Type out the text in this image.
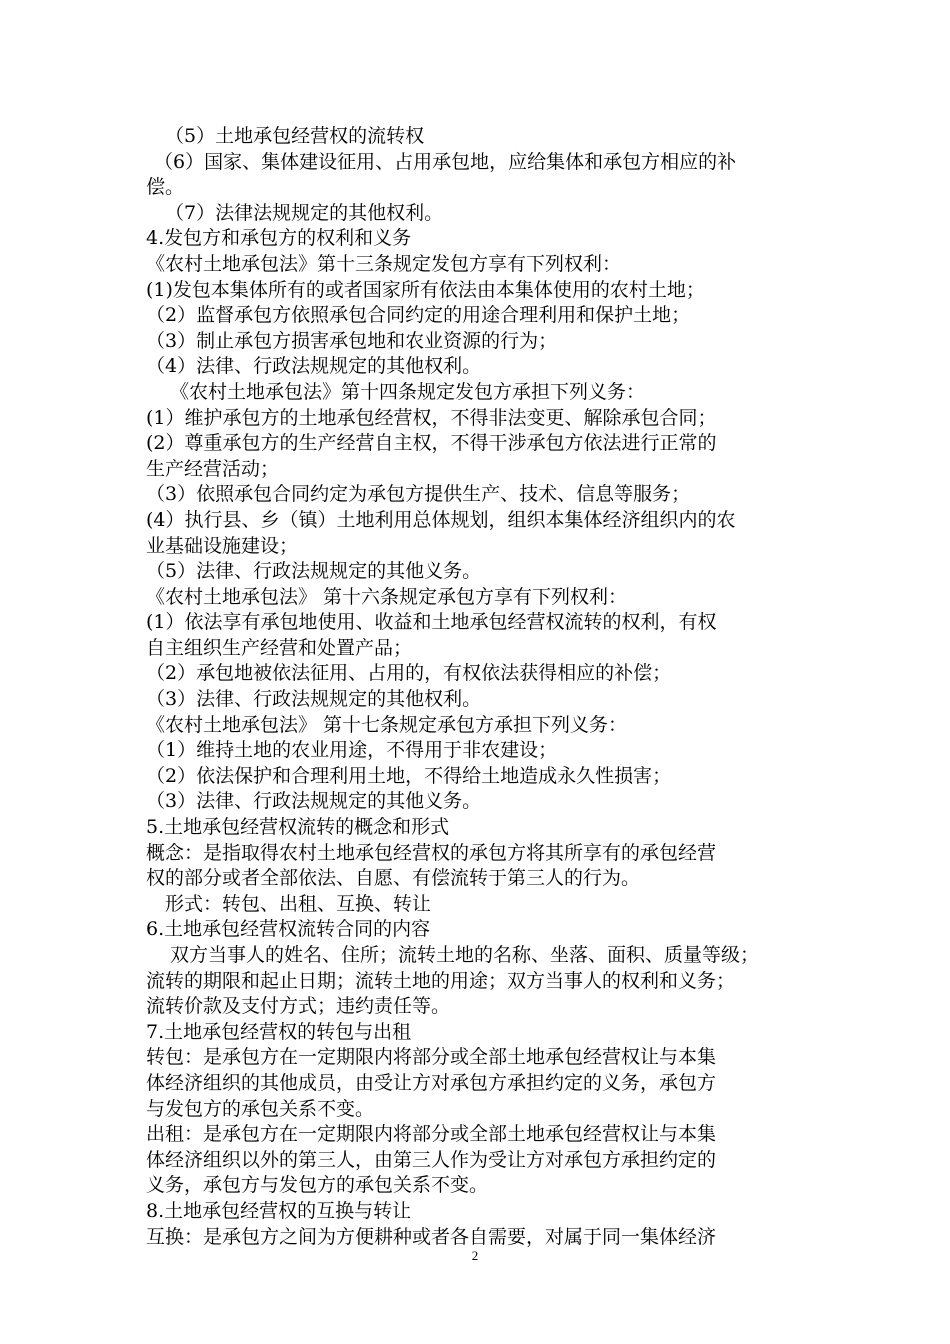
（5）土地承包经营权的流转权
（6）国家、集体建设征用、占用承包地，应给集体和承包方相应的补
偿。
（7）法律法规规定的其他权利。
4.发包方和承包方的权利和义务
《农村土地承包法》第十三条规定发包方享有下列权利：
(1)发包本集体所有的或者国家所有依法由本集体使用的农村土地；
（2）监督承包方依照承包合同约定的用途合理利用和保护土地；
（3）制止承包方损害承包地和农业资源的行为；
（4）法律、行政法规规定的其他权利。
《农村土地承包法》第十四条规定发包方承担下列义务：
(1）维护承包方的土地承包经营权，不得非法变更、解除承包合同；
(2）尊重承包方的生产经营自主权，不得干涉承包方依法进行正常的
生产经营活动；
（3）依照承包合同约定为承包方提供生产、技术、信息等服务；
(4）执行县、乡（镇）土地利用总体规划，组织本集体经济组织内的农
业基础设施建设；
（5）法律、行政法规规定的其他义务。
《农村土地承包法》 第十六条规定承包方享有下列权利：
(1）依法享有承包地使用、收益和土地承包经营权流转的权利，有权
自主组织生产经营和处置产品；
（2）承包地被依法征用、占用的，有权依法获得相应的补偿；
（3）法律、行政法规规定的其他权利。
《农村土地承包法》 第十七条规定承包方承担下列义务：
（1）维持土地的农业用途，不得用于非农建设；
（2）依法保护和合理利用土地，不得给土地造成永久性损害；
（3）法律、行政法规规定的其他义务。
5.土地承包经营权流转的概念和形式
概念：是指取得农村土地承包经营权的承包方将其所享有的承包经营
权的部分或者全部依法、自愿、有偿流转于第三人的行为。
形式：转包、出租、互换、转让
6.土地承包经营权流转合同的内容
双方当事人的姓名、住所；流转土地的名称、坐落、面积、质量等级；
流转的期限和起止日期；流转土地的用途；双方当事人的权利和义务；
流转价款及支付方式；违约责任等。
7.土地承包经营权的转包与出租
转包：是承包方在一定期限内将部分或全部土地承包经营权让与本集
体经济组织的其他成员，由受让方对承包方承担约定的义务，承包方
与发包方的承包关系不变。
出租：是承包方在一定期限内将部分或全部土地承包经营权让与本集
体经济组织以外的第三人，由第三人作为受让方对承包方承担约定的
义务，承包方与发包方的承包关系不变。
8.土地承包经营权的互换与转让
互换：是承包方之间为方便耕种或者各自需要，对属于同一集体经济
2
